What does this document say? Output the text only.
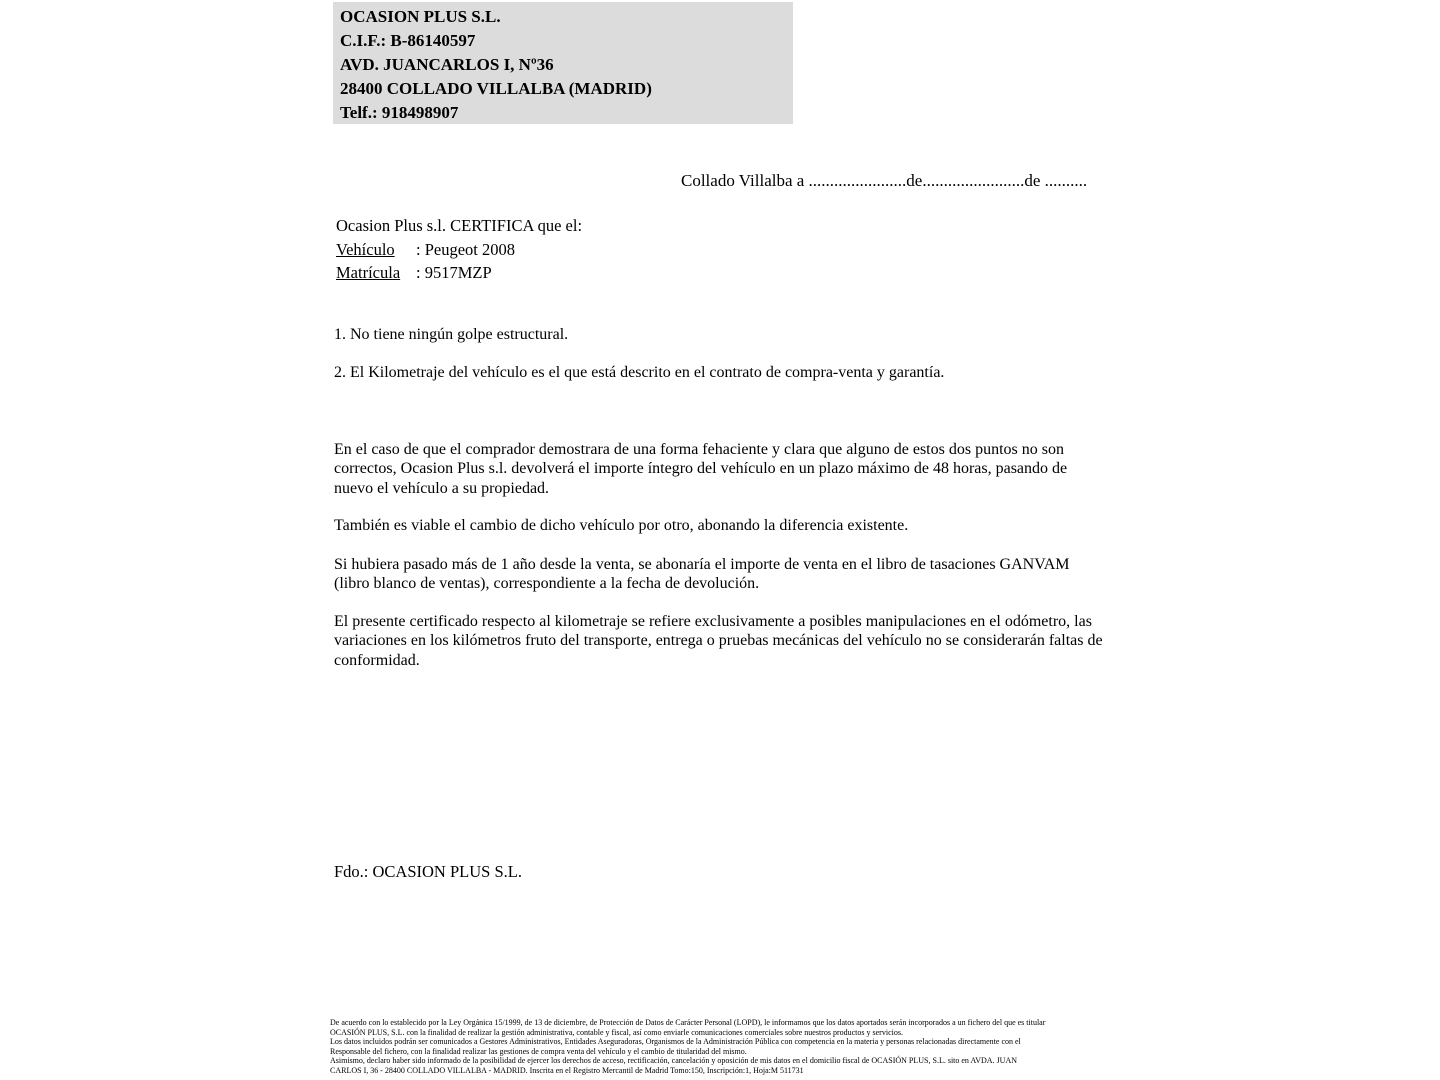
OCASION PLUS S.L.
C.I.F.: B-86140597
AVD. JUANCARLOS I, Nº36
28400 COLLADO VILLALBA (MADRID)
Telf.: 918498907
Collado Villalba a .......................de........................de ..........
Ocasion Plus s.l. CERTIFICA que el:
Vehículo : Peugeot 2008
Matrícula : 9517MZP
1. No tiene ningún golpe estructural.
2. El Kilometraje del vehículo es el que está descrito en el contrato de compra-venta y garantía.
En el caso de que el comprador demostrara de una forma fehaciente y clara que alguno de estos dos puntos no son correctos, Ocasion Plus s.l. devolverá el importe íntegro del vehículo en un plazo máximo de 48 horas, pasando de nuevo el vehículo a su propiedad.
También es viable el cambio de dicho vehículo por otro, abonando la diferencia existente.
Si hubiera pasado más de 1 año desde la venta, se abonaría el importe de venta en el libro de tasaciones GANVAM (libro blanco de ventas), correspondiente a la fecha de devolución.
El presente certificado respecto al kilometraje se refiere exclusivamente a posibles manipulaciones en el odómetro, las variaciones en los kilómetros fruto del transporte, entrega o pruebas mecánicas del vehículo no se considerarán faltas de conformidad.
Fdo.: OCASION PLUS S.L.
De acuerdo con lo establecido por la Ley Orgánica 15/1999, de 13 de diciembre, de Protección de Datos de Carácter Personal (LOPD), le informamos que los datos aportados serán incorporados a un fichero del que es titular
OCASIÓN PLUS, S.L. con la finalidad de realizar la gestión administrativa, contable y fiscal, así como enviarle comunicaciones comerciales sobre nuestros productos y servicios.
Los datos incluidos podrán ser comunicados a Gestores Administrativos, Entidades Aseguradoras, Organismos de la Administración Pública con competencia en la materia y personas relacionadas directamente con el
Responsable del fichero, con la finalidad realizar las gestiones de compra venta del vehículo y el cambio de titularidad del mismo.
Asimismo, declaro haber sido informado de la posibilidad de ejercer los derechos de acceso, rectificación, cancelación y oposición de mis datos en el domicilio fiscal de OCASIÓN PLUS, S.L. sito en AVDA. JUAN
CARLOS I, 36 - 28400 COLLADO VILLALBA - MADRID. Inscrita en el Registro Mercantil de Madrid Tomo:150, Inscripción:1, Hoja:M 511731
